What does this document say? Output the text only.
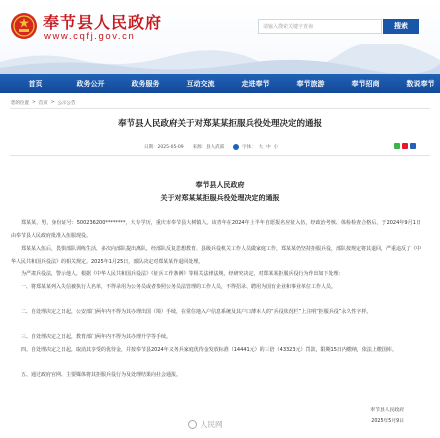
奉节县人民政府
www.cqfj.gov.cn
请输入搜索关键字查询	搜索
首页	政务公开	政务服务	互动交流	走进奉节	奉节旅游	奉节招商	数说奉节
您的位置 > 首页 > 公示公告
奉节县人民政府关于对郑某某拒服兵役处理决定的通报
日期：2025-05-09 来源：县人武部	字体： 大 中 小
奉节县人民政府
关于对郑某某拒服兵役处理决定的通报
郑某某，男，身份证号：500236200********，大专学历，重庆市奉节县大树镇人。该青年在2024年上半年自愿报名应征入伍，经政治考核、体检检查合格后，于2024年9月1日由奉节县人民政府批准入伍服现役。
郑某某入伍后，畏惧部队训练生活，多次向部队提出离队，经部队反复思想教育、县级兵役机关工作人员做家庭工作，郑某某仍坚持拒服兵役，部队按规定将其退回，严重违反了《中华人民共和国兵役法》的相关规定。2025年1月25日，部队决定对郑某某作退回处理。
为严肃兵役法，警示他人，根据《中华人民共和国兵役法》《征兵工作条例》等相关法律法规，经研究决定，对郑某某拒服兵役行为作出如下处理：
一、将郑某某列入失信被执行人名单，不得录用为公务员或者参照公务员法管理的工作人员，不得招录、聘用为国有企业和事业单位工作人员。
二、自处理决定之日起，公安部门两年内不得为其办理出国（境）手续，在常住地入户信息系统及其户口薄本人的“兵役状况栏”上注明“拒服兵役”永久性字样。
三、自处理决定之日起，教育部门两年内不得为其办理升学等手续。
四、自处理决定之日起，取消其享受的优待金，并按奉节县2024年义务兵家庭优待金发放标准（14441元）的三倍（43323元）罚款，限期15日内缴纳，依法上缴国库。
五、通过政府官网、主要媒体将其拒服兵役行为及处理结果向社会通报。
奉节县人民政府
2025年5月9日
人民网
